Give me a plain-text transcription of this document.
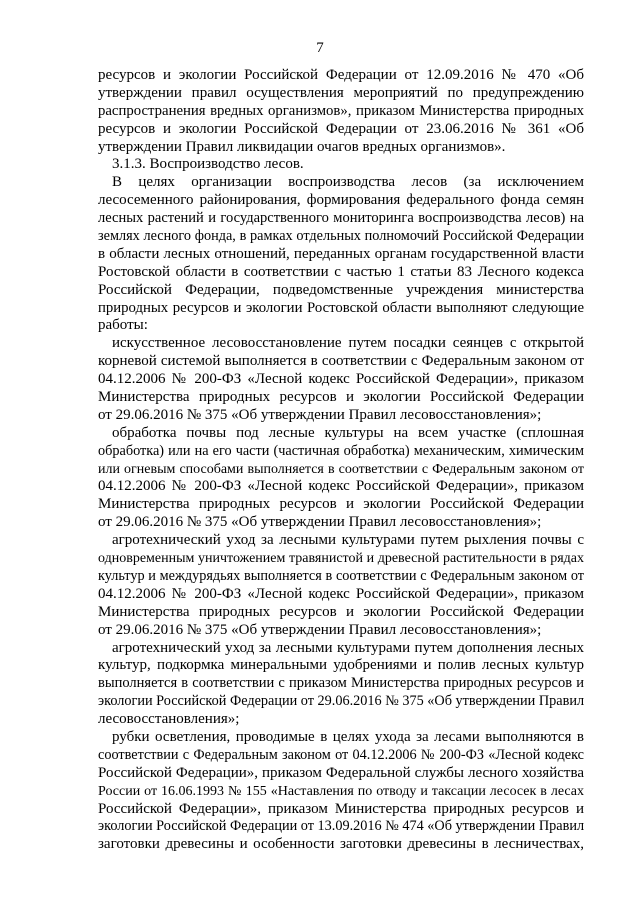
7
ресурсов и экологии Российской Федерации от 12.09.2016 № 470 «Об
утверждении правил осуществления мероприятий по предупреждению
распространения вредных организмов», приказом Министерства природных
ресурсов и экологии Российской Федерации от 23.06.2016 № 361 «Об
утверждении Правил ликвидации очагов вредных организмов».
3.1.3. Воспроизводство лесов.
В целях организации воспроизводства лесов (за исключением
лесосеменного районирования, формирования федерального фонда семян
лесных растений и государственного мониторинга воспроизводства лесов) на
землях лесного фонда, в рамках отдельных полномочий Российской Федерации
в области лесных отношений, переданных органам государственной власти
Ростовской области в соответствии с частью 1 статьи 83 Лесного кодекса
Российской Федерации, подведомственные учреждения министерства
природных ресурсов и экологии Ростовской области выполняют следующие
работы:
искусственное лесовосстановление путем посадки сеянцев с открытой
корневой системой выполняется в соответствии с Федеральным законом от
04.12.2006 № 200-ФЗ «Лесной кодекс Российской Федерации», приказом
Министерства природных ресурсов и экологии Российской Федерации
от 29.06.2016 № 375 «Об утверждении Правил лесовосстановления»;
обработка почвы под лесные культуры на всем участке (сплошная
обработка) или на его части (частичная обработка) механическим, химическим
или огневым способами выполняется в соответствии с Федеральным законом от
04.12.2006 № 200-ФЗ «Лесной кодекс Российской Федерации», приказом
Министерства природных ресурсов и экологии Российской Федерации
от 29.06.2016 № 375 «Об утверждении Правил лесовосстановления»;
агротехнический уход за лесными культурами путем рыхления почвы с
одновременным уничтожением травянистой и древесной растительности в рядах
культур и междурядьях выполняется в соответствии с Федеральным законом от
04.12.2006 № 200-ФЗ «Лесной кодекс Российской Федерации», приказом
Министерства природных ресурсов и экологии Российской Федерации
от 29.06.2016 № 375 «Об утверждении Правил лесовосстановления»;
агротехнический уход за лесными культурами путем дополнения лесных
культур, подкормка минеральными удобрениями и полив лесных культур
выполняется в соответствии с приказом Министерства природных ресурсов и
экологии Российской Федерации от 29.06.2016 № 375 «Об утверждении Правил
лесовосстановления»;
рубки осветления, проводимые в целях ухода за лесами выполняются в
соответствии с Федеральным законом от 04.12.2006 № 200-ФЗ «Лесной кодекс
Российской Федерации», приказом Федеральной службы лесного хозяйства
России от 16.06.1993 № 155 «Наставления по отводу и таксации лесосек в лесах
Российской Федерации», приказом Министерства природных ресурсов и
экологии Российской Федерации от 13.09.2016 № 474 «Об утверждении Правил
заготовки древесины и особенности заготовки древесины в лесничествах,
